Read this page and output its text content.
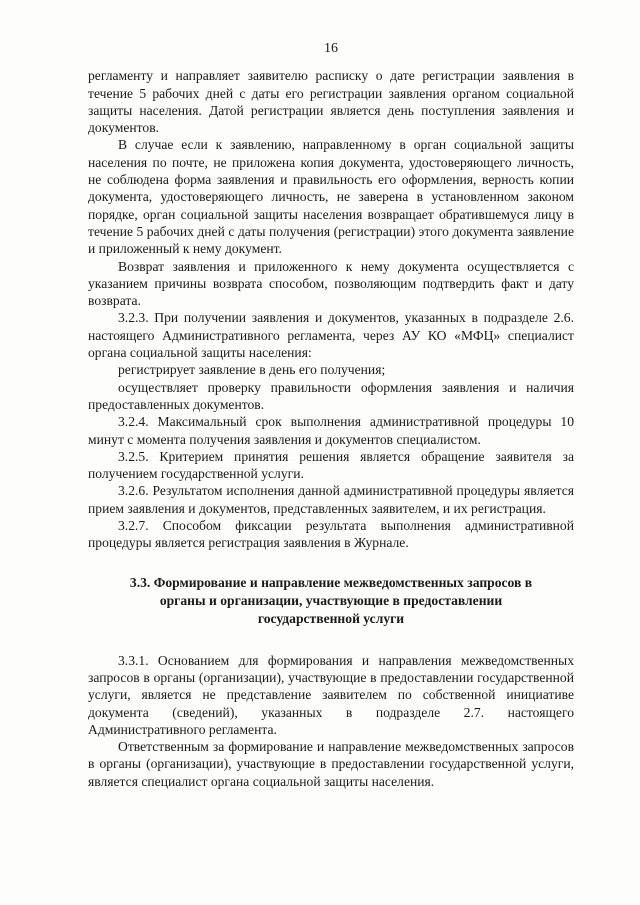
16

регламенту и направляет заявителю расписку о дате регистрации заявления в течение 5 рабочих дней с даты его регистрации заявления органом социальной защиты населения. Датой регистрации является день поступления заявления и документов.

В случае если к заявлению, направленному в орган социальной защиты населения по почте, не приложена копия документа, удостоверяющего личность, не соблюдена форма заявления и правильность его оформления, верность копии документа, удостоверяющего личность, не заверена в установленном законом порядке, орган социальной защиты населения возвращает обратившемуся лицу в течение 5 рабочих дней с даты получения (регистрации) этого документа заявление и приложенный к нему документ.

Возврат заявления и приложенного к нему документа осуществляется с указанием причины возврата способом, позволяющим подтвердить факт и дату возврата.

3.2.3. При получении заявления и документов, указанных в подразделе 2.6. настоящего Административного регламента, через АУ КО «МФЦ» специалист органа социальной защиты населения:

регистрирует заявление в день его получения;

осуществляет проверку правильности оформления заявления и наличия предоставленных документов.

3.2.4. Максимальный срок выполнения административной процедуры 10 минут с момента получения заявления и документов специалистом.

3.2.5. Критерием принятия решения является обращение заявителя за получением государственной услуги.

3.2.6. Результатом исполнения данной административной процедуры является прием заявления и документов, представленных заявителем, и их регистрация.

3.2.7. Способом фиксации результата выполнения административной процедуры является регистрация заявления в Журнале.

3.3. Формирование и направление межведомственных запросов в
органы и организации, участвующие в предоставлении
государственной услуги

3.3.1. Основанием для формирования и направления межведомственных запросов в органы (организации), участвующие в предоставлении государственной услуги, является не представление заявителем по собственной инициативе документа (сведений), указанных в подразделе 2.7. настоящего Административного регламента.

Ответственным за формирование и направление межведомственных запросов в органы (организации), участвующие в предоставлении государственной услуги, является специалист органа социальной защиты населения.
